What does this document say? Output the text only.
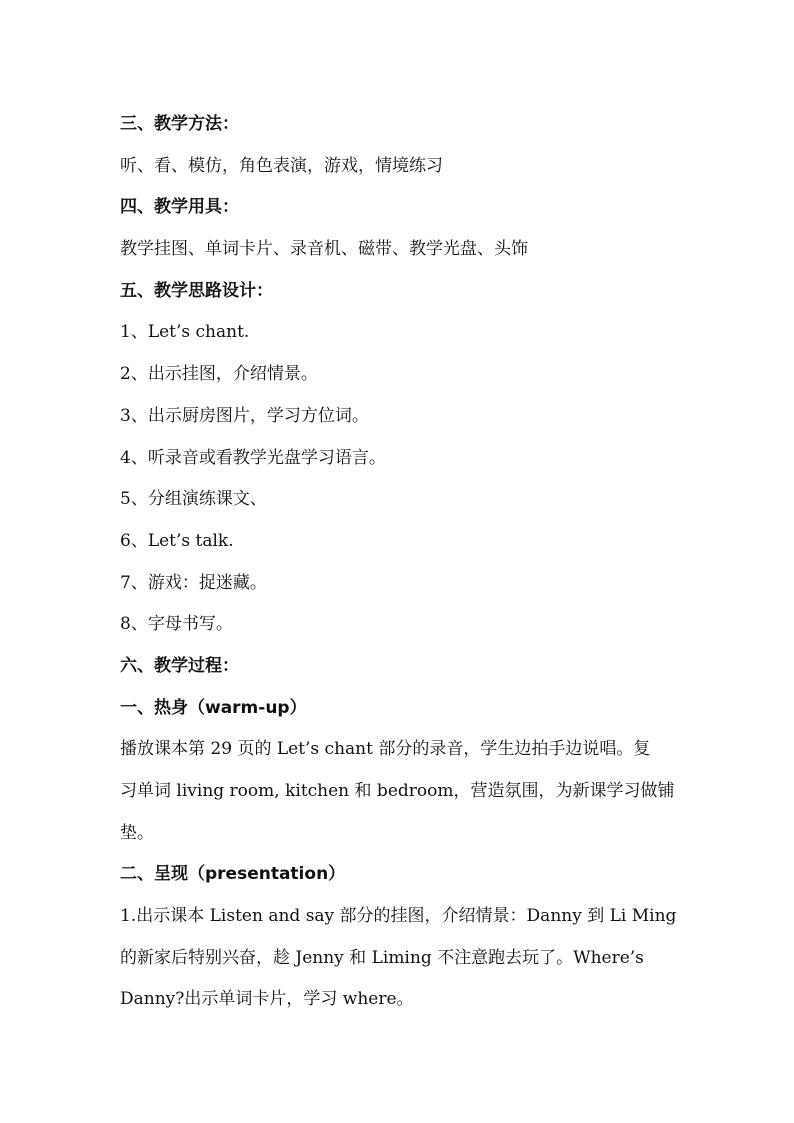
三、教学方法：
听、看、模仿，角色表演，游戏，情境练习
四、教学用具：
教学挂图、单词卡片、录音机、磁带、教学光盘、头饰
五、教学思路设计：
1、Let’s chant.
2、出示挂图，介绍情景。
3、出示厨房图片，学习方位词。
4、听录音或看教学光盘学习语言。
5、分组演练课文、
6、Let’s talk.
7、游戏：捉迷藏。
8、字母书写。
六、教学过程：
一、热身（warm-up）
播放课本第 29 页的 Let’s chant 部分的录音，学生边拍手边说唱。复
习单词 living room, kitchen 和 bedroom，营造氛围，为新课学习做铺
垫。
二、呈现（presentation）
1.出示课本 Listen and say 部分的挂图，介绍情景：Danny 到 Li Ming
的新家后特别兴奋，趁 Jenny 和 Liming 不注意跑去玩了。Where’s
Danny?出示单词卡片，学习 where。
